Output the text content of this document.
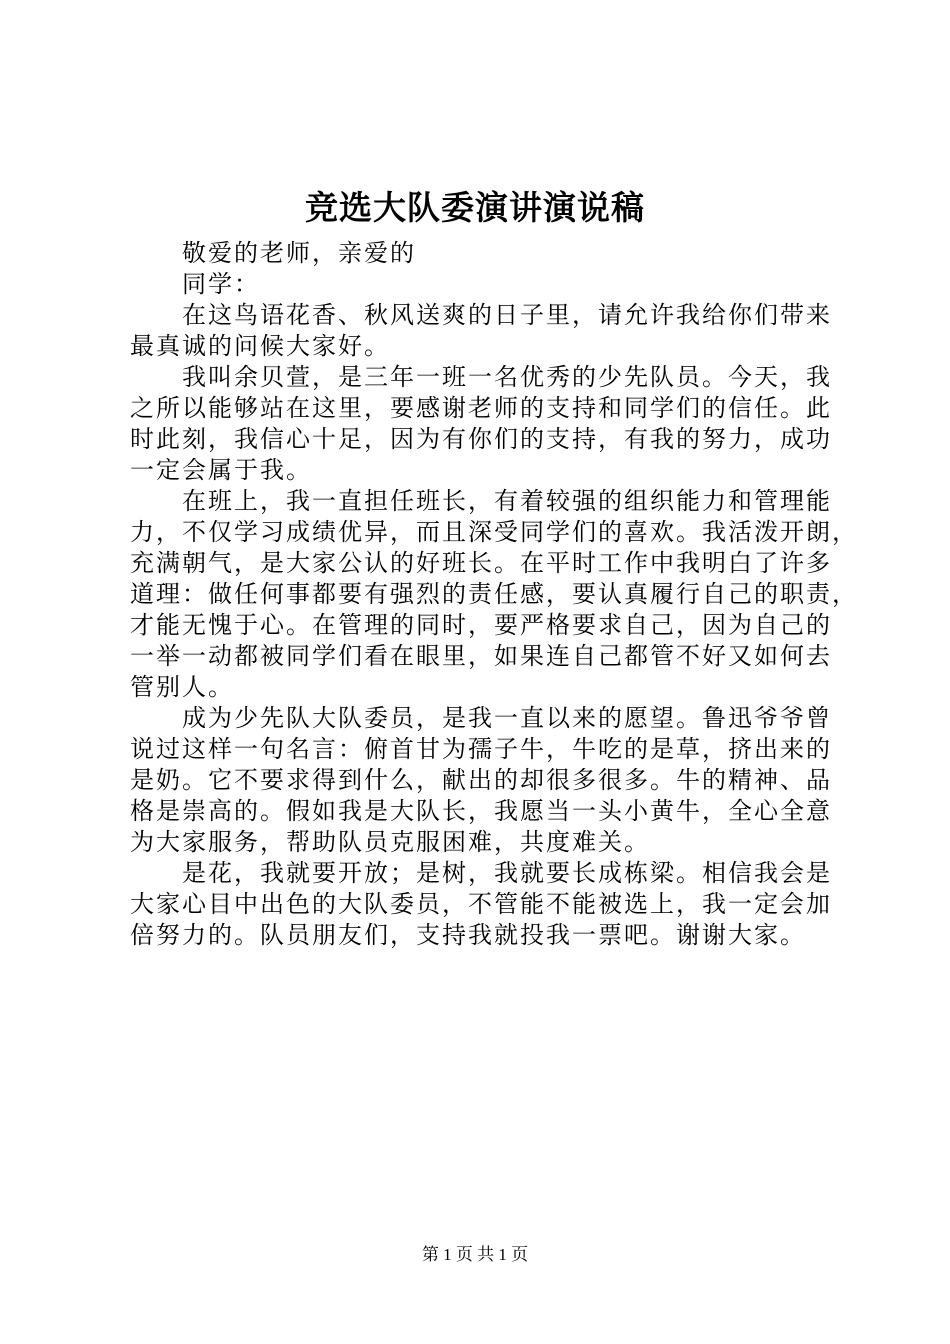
竞选大队委演讲演说稿
敬爱的老师，亲爱的
同学：
在这鸟语花香、秋风送爽的日子里，请允许我给你们带来
最真诚的问候大家好。
我叫余贝萱，是三年一班一名优秀的少先队员。今天，我
之所以能够站在这里，要感谢老师的支持和同学们的信任。此
时此刻，我信心十足，因为有你们的支持，有我的努力，成功
一定会属于我。
在班上，我一直担任班长，有着较强的组织能力和管理能
力，不仅学习成绩优异，而且深受同学们的喜欢。我活泼开朗，
充满朝气，是大家公认的好班长。在平时工作中我明白了许多
道理：做任何事都要有强烈的责任感，要认真履行自己的职责，
才能无愧于心。在管理的同时，要严格要求自己，因为自己的
一举一动都被同学们看在眼里，如果连自己都管不好又如何去
管别人。
成为少先队大队委员，是我一直以来的愿望。鲁迅爷爷曾
说过这样一句名言：俯首甘为孺子牛，牛吃的是草，挤出来的
是奶。它不要求得到什么，献出的却很多很多。牛的精神、品
格是崇高的。假如我是大队长，我愿当一头小黄牛，全心全意
为大家服务，帮助队员克服困难，共度难关。
是花，我就要开放；是树，我就要长成栋梁。相信我会是
大家心目中出色的大队委员，不管能不能被选上，我一定会加
倍努力的。队员朋友们，支持我就投我一票吧。谢谢大家。
第 1 页 共 1 页
